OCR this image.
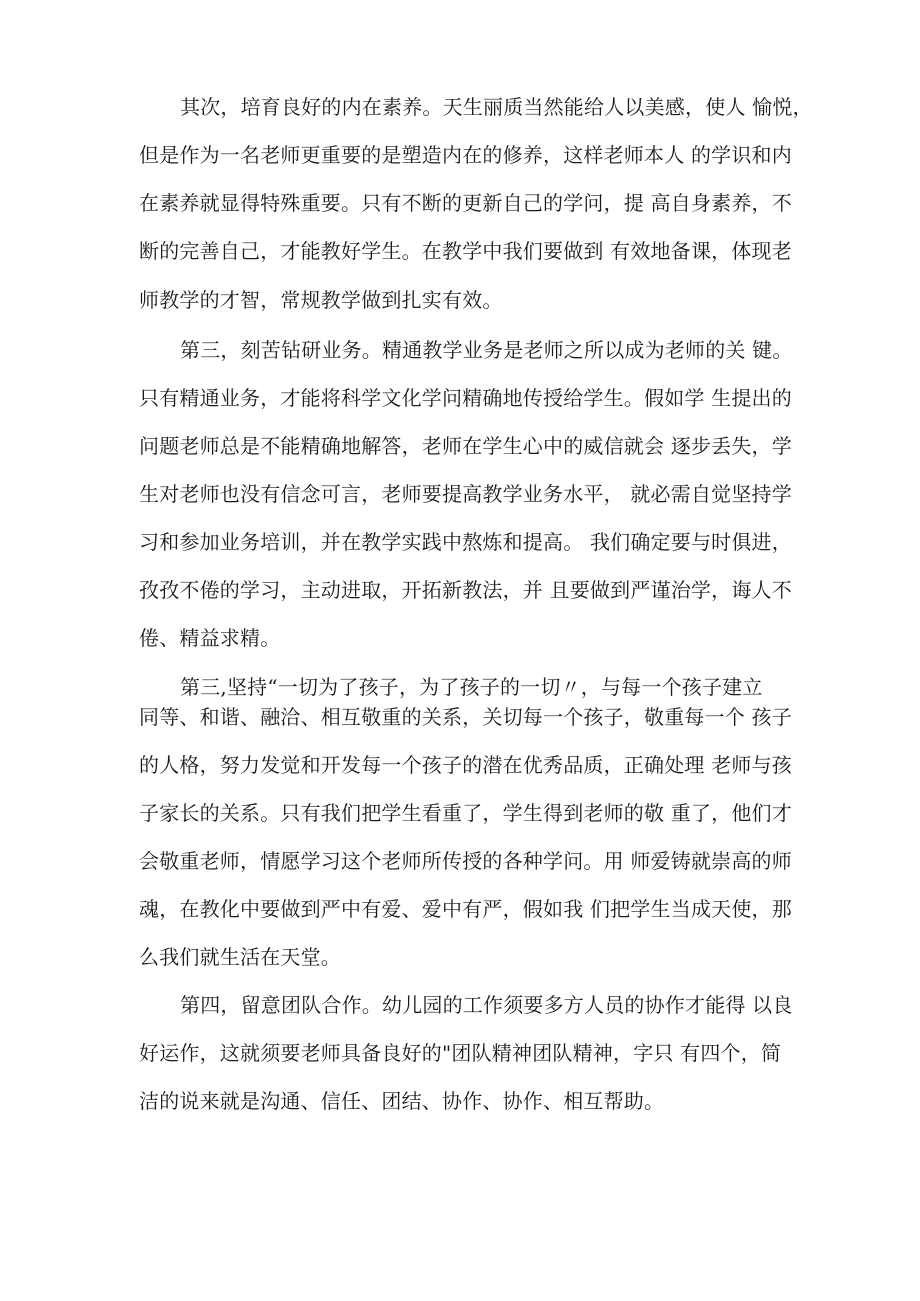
其次，培育良好的内在素养。天生丽质当然能给人以美感，使人 愉悦，
但是作为一名老师更重要的是塑造内在的修养，这样老师本人 的学识和内
在素养就显得特殊重要。只有不断的更新自己的学问，提 高自身素养，不
断的完善自己，才能教好学生。在教学中我们要做到 有效地备课，体现老
师教学的才智，常规教学做到扎实有效。
第三，刻苦钻研业务。精通教学业务是老师之所以成为老师的关 键。
只有精通业务，才能将科学文化学问精确地传授给学生。假如学 生提出的
问题老师总是不能精确地解答，老师在学生心中的威信就会 逐步丢失，学
生对老师也没有信念可言，老师要提高教学业务水平， 就必需自觉坚持学
习和参加业务培训，并在教学实践中熬炼和提高。 我们确定要与时俱进，
孜孜不倦的学习，主动进取，开拓新教法，并 且要做到严谨治学，诲人不
倦、精益求精。
第三,坚持“一切为了孩子，为了孩子的一切〃，与每一个孩子建立
同等、和谐、融洽、相互敬重的关系，关切每一个孩子，敬重每一个 孩子
的人格，努力发觉和开发每一个孩子的潜在优秀品质，正确处理 老师与孩
子家长的关系。只有我们把学生看重了，学生得到老师的敬 重了，他们才
会敬重老师，情愿学习这个老师所传授的各种学问。用 师爱铸就崇高的师
魂，在教化中要做到严中有爱、爱中有严，假如我 们把学生当成天使，那
么我们就生活在天堂。
第四，留意团队合作。幼儿园的工作须要多方人员的协作才能得 以良
好运作，这就须要老师具备良好的"团队精神团队精神，字只 有四个，简
洁的说来就是沟通、信任、团结、协作、协作、相互帮助。
